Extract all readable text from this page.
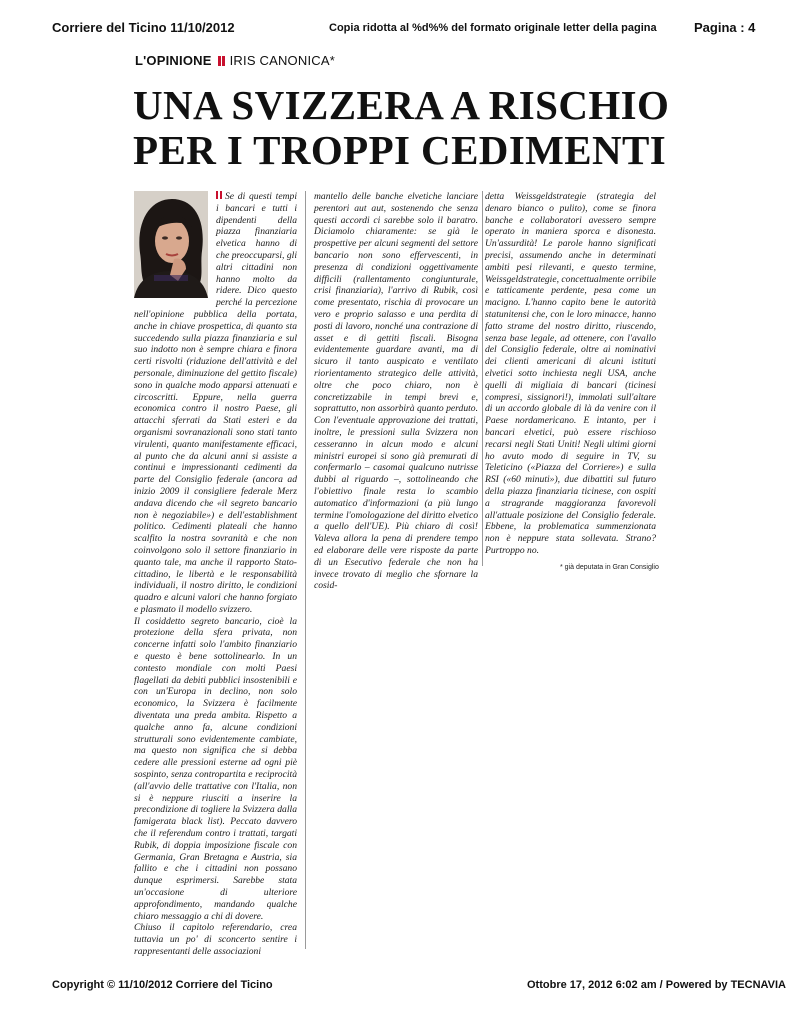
Corriere del Ticino 11/10/2012	Copia ridotta al %d%% del formato originale letter della pagina	Pagina : 4
L'OPINIONE IRIS CANONICA*
UNA SVIZZERA A RISCHIO
PER I TROPPI CEDIMENTI

Se di questi tempi i bancari e tutti i dipendenti della piazza finanziaria elvetica hanno di che preoccuparsi, gli altri cittadini non hanno molto da ridere. Dico questo perché la percezione nell'opinione pubblica della portata, anche in chiave prospettica, di quanto sta succedendo sulla piazza finanziaria e sul suo indotto non è sempre chiara e finora certi risvolti (riduzione dell'attività e del personale, diminuzione del gettito fiscale) sono in qualche modo apparsi attenuati e circoscritti. Eppure, nella guerra economica contro il nostro Paese, gli attacchi sferrati da Stati esteri e da organismi sovranazionali sono stati tanto virulenti, quanto manifestamente efficaci, al punto che da alcuni anni si assiste a continui e impressionanti cedimenti da parte del Consiglio federale (ancora ad inizio 2009 il consigliere federale Merz andava dicendo che «il segreto bancario non è negoziabile») e dell'establishment politico. Cedimenti plateali che hanno scalfito la nostra sovranità e che non coinvolgono solo il settore finanziario in quanto tale, ma anche il rapporto Stato-cittadino, le libertà e le responsabilità individuali, il nostro diritto, le condizioni quadro e alcuni valori che hanno forgiato e plasmato il modello svizzero.

Il cosiddetto segreto bancario, cioè la protezione della sfera privata, non concerne infatti solo l'ambito finanziario e questo è bene sottolinearlo. In un contesto mondiale con molti Paesi flagellati da debiti pubblici insostenibili e con un'Europa in declino, non solo economico, la Svizzera è facilmente diventata una preda ambita. Rispetto a qualche anno fa, alcune condizioni strutturali sono evidentemente cambiate, ma questo non significa che si debba cedere alle pressioni esterne ad ogni piè sospinto, senza contropartita e reciprocità (all'avvio delle trattative con l'Italia, non si è neppure riusciti a inserire la precondizione di togliere la Svizzera dalla famigerata black list). Peccato davvero che il referendum contro i trattati, targati Rubik, di doppia imposizione fiscale con Germania, Gran Bretagna e Austria, sia fallito e che i cittadini non possano dunque esprimersi. Sarebbe stata un'occasione di ulteriore approfondimento, mandando qualche chiaro messaggio a chi di dovere.

Chiuso il capitolo referendario, crea tuttavia un po' di sconcerto sentire i rappresentanti delle associazioni

mantello delle banche elvetiche lanciare perentori aut aut, sostenendo che senza questi accordi ci sarebbe solo il baratro. Diciamolo chiaramente: se già le prospettive per alcuni segmenti del settore bancario non sono effervescenti, in presenza di condizioni oggettivamente difficili (rallentamento congiunturale, crisi finanziaria), l'arrivo di Rubik, così come presentato, rischia di provocare un vero e proprio salasso e una perdita di posti di lavoro, nonché una contrazione di asset e di gettiti fiscali. Bisogna evidentemente guardare avanti, ma di sicuro il tanto auspicato e ventilato riorientamento strategico delle attività, oltre che poco chiaro, non è concretizzabile in tempi brevi e, soprattutto, non assorbirà quanto perduto. Con l'eventuale approvazione dei trattati, inoltre, le pressioni sulla Svizzera non cesseranno in alcun modo e alcuni ministri europei si sono già premurati di confermarlo – casomai qualcuno nutrisse dubbi al riguardo –, sottolineando che l'obiettivo finale resta lo scambio automatico d'informazioni (a più lungo termine l'omologazione del diritto elvetico a quello dell'UE). Più chiaro di così! Valeva allora la pena di prendere tempo ed elaborare delle vere risposte da parte di un Esecutivo federale che non ha invece trovato di meglio che sfornare la cosid-

detta Weissgeldstrategie (strategia del denaro bianco o pulito), come se finora banche e collaboratori avessero sempre operato in maniera sporca e disonesta. Un'assurdità! Le parole hanno significati precisi, assumendo anche in determinati ambiti pesi rilevanti, e questo termine, Weissgeldstrategie, concettualmente orribile e tatticamente perdente, pesa come un macigno. L'hanno capito bene le autorità statunitensi che, con le loro minacce, hanno fatto strame del nostro diritto, riuscendo, senza base legale, ad ottenere, con l'avallo del Consiglio federale, oltre ai nominativi dei clienti americani di alcuni istituti elvetici sotto inchiesta negli USA, anche quelli di migliaia di bancari (ticinesi compresi, sissignori!), immolati sull'altare di un accordo globale di là da venire con il Paese nordamericano. E intanto, per i bancari elvetici, può essere rischioso recarsi negli Stati Uniti! Negli ultimi giorni ho avuto modo di seguire in TV, su Teleticino («Piazza del Corriere») e sulla RSI («60 minuti»), due dibattiti sul futuro della piazza finanziaria ticinese, con ospiti a stragrande maggioranza favorevoli all'attuale posizione del Consiglio federale. Ebbene, la problematica summenzionata non è neppure stata sollevata. Strano? Purtroppo no.

* già deputata in Gran Consiglio
Copyright © 11/10/2012 Corriere del Ticino	Ottobre 17, 2012 6:02 am / Powered by TECNAVIA
